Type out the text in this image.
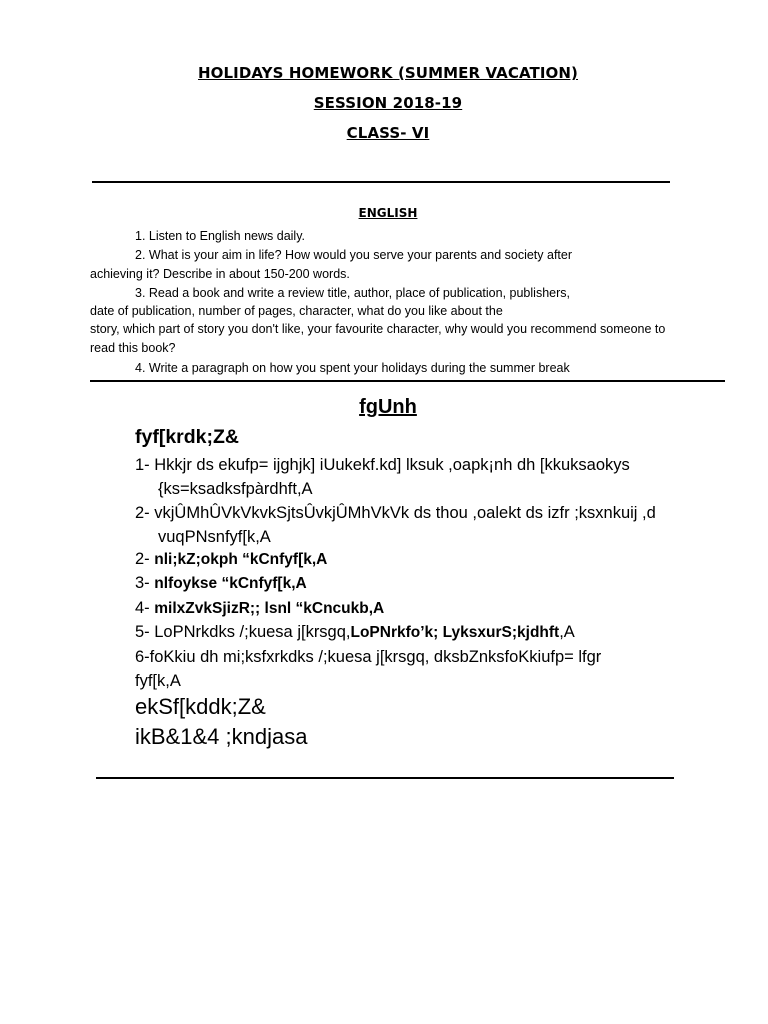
HOLIDAYS HOMEWORK (SUMMER VACATION)
SESSION 2018-19
CLASS- VI
ENGLISH
1. Listen to English news daily.
2. What is your aim in life? How would you serve your parents and society after
achieving it? Describe in about 150-200 words.
3. Read a book and write a review title, author, place of publication, publishers,
date of publication, number of pages, character, what do you like about the
story, which part of story you don't like, your favourite character, why would you recommend someone to
read this book?
4. Write a paragraph on how you spent your holidays during the summer break
fgUnh
fyf[krdk;Z&
1- Hkkjr ds ekufp= ijghjk] iUukekf.kd] lksuk ,oapk¡nh dh [kkuksaokys
{ks=ksadksfpàrdhft,A
2- vkjÛMhÛVkVkvkSjtsÛvkjÛMhVkVk ds thou ,oalekt ds izfr ;ksxnkuij ,d
vuqPNsnfyf[k,A
2- nli;kZ;okph “kCnfyf[k,A
3- nlfoykse “kCnfyf[k,A
4- milxZvkSjizR;; lsnl “kCncukb,A
5- LoPNrkdks /;kuesa j[krsgq,LoPNrkfo’k; LyksxurS;kjdhft,A
6-foKkiu dh mi;ksfxrkdks /;kuesa j[krsgq, dksbZnksfoKkiufp= lfgr
fyf[k,A
ekSf[kddk;Z&
ikB&1&4 ;kndjasa
